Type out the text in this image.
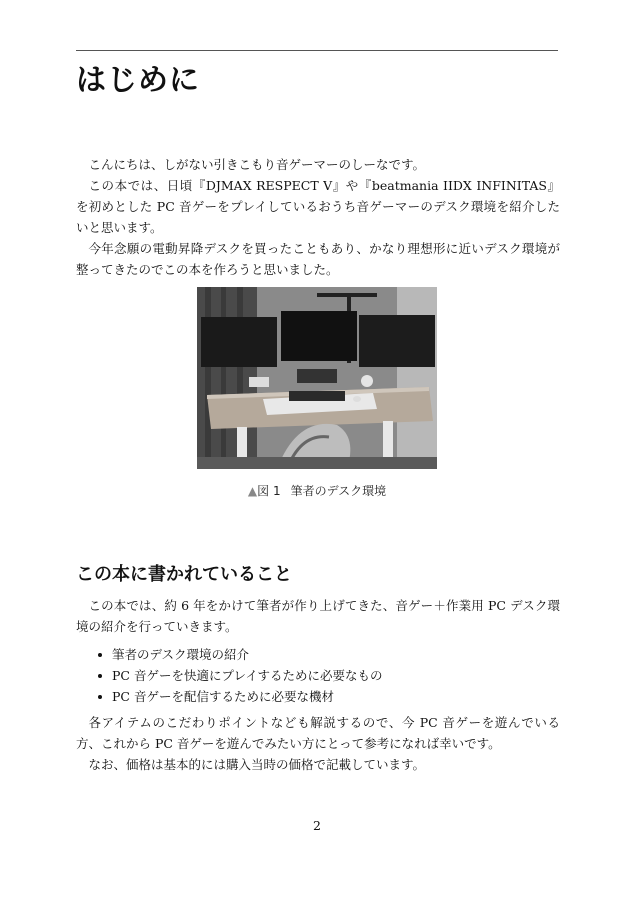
はじめに

こんにちは、しがない引きこもり音ゲーマーのしーなです。

この本では、日頃『DJMAX RESPECT V』や『beatmania IIDX INFINITAS』を初めとした PC 音ゲーをプレイしているおうち音ゲーマーのデスク環境を紹介したいと思います。

今年念願の電動昇降デスクを買ったこともあり、かなり理想形に近いデスク環境が整ってきたのでこの本を作ろうと思いました。

▲図 1 筆者のデスク環境
この本に書かれていること

この本では、約 6 年をかけて筆者が作り上げてきた、音ゲー＋作業用 PC デスク環境の紹介を行っていきます。

筆者のデスク環境の紹介
PC 音ゲーを快適にプレイするために必要なもの
PC 音ゲーを配信するために必要な機材

各アイテムのこだわりポイントなども解説するので、今 PC 音ゲーを遊んでいる方、これから PC 音ゲーを遊んでみたい方にとって参考になれば幸いです。

なお、価格は基本的には購入当時の価格で記載しています。

2
